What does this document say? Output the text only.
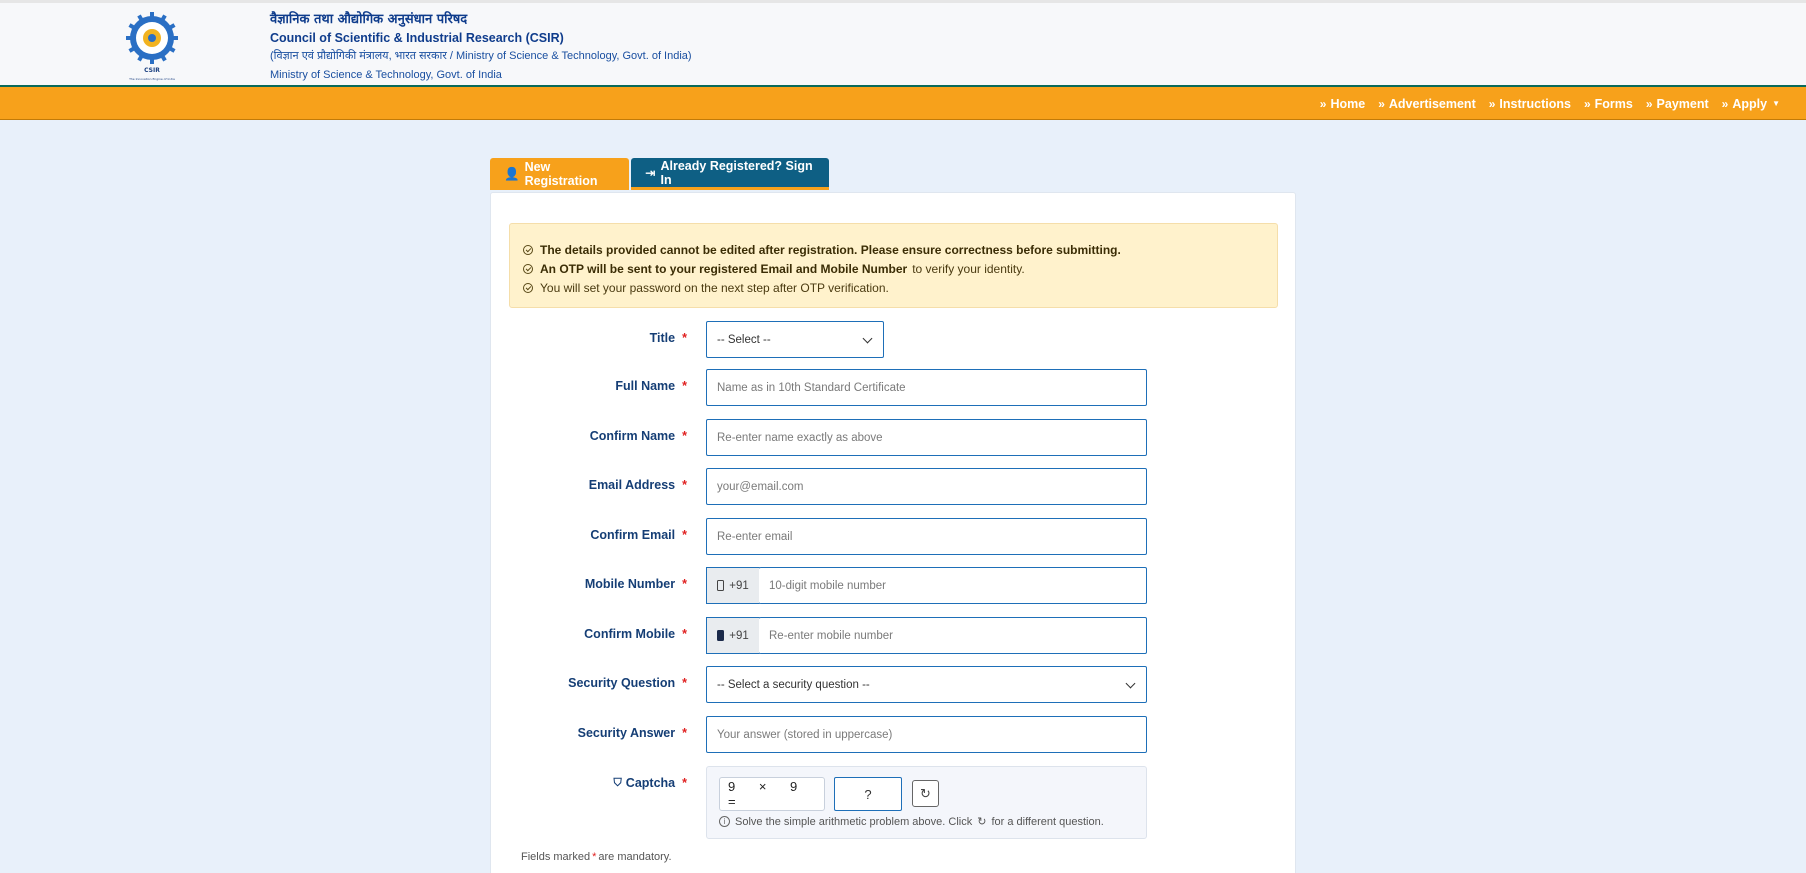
CSIR
The Innovation Engine of India
वैज्ञानिक तथा औद्योगिक अनुसंधान परिषद
Council of Scientific & Industrial Research (CSIR)
(विज्ञान एवं प्रौद्योगिकी मंत्रालय, भारत सरकार / Ministry of Science & Technology, Govt. of India)
Ministry of Science & Technology, Govt. of India
» Home » Advertisement » Instructions » Forms » Payment » Apply ▼
👤 New Registration
⇥
Already Registered? Sign In
The details provided cannot be edited after registration. Please ensure correctness before submitting.
An OTP will be sent to your registered Email and Mobile Number to verify your identity.
You will set your password on the next step after OTP verification.
Title *	-- Select --
Full Name *	Name as in 10th Standard Certificate
Confirm Name *	Re-enter name exactly as above
Email Address *	your@email.com
Confirm Email *	Re-enter email
Mobile Number *	+91	10-digit mobile number
Confirm Mobile *	+91	Re-enter mobile number
Security Question *	-- Select a security question --
Security Answer *	Your answer (stored in uppercase)
⛉ Captcha *	9 × 9 =	?	↻
i Solve the simple arithmetic problem above. Click ↻ for a different question.
Fields marked * are mandatory.
